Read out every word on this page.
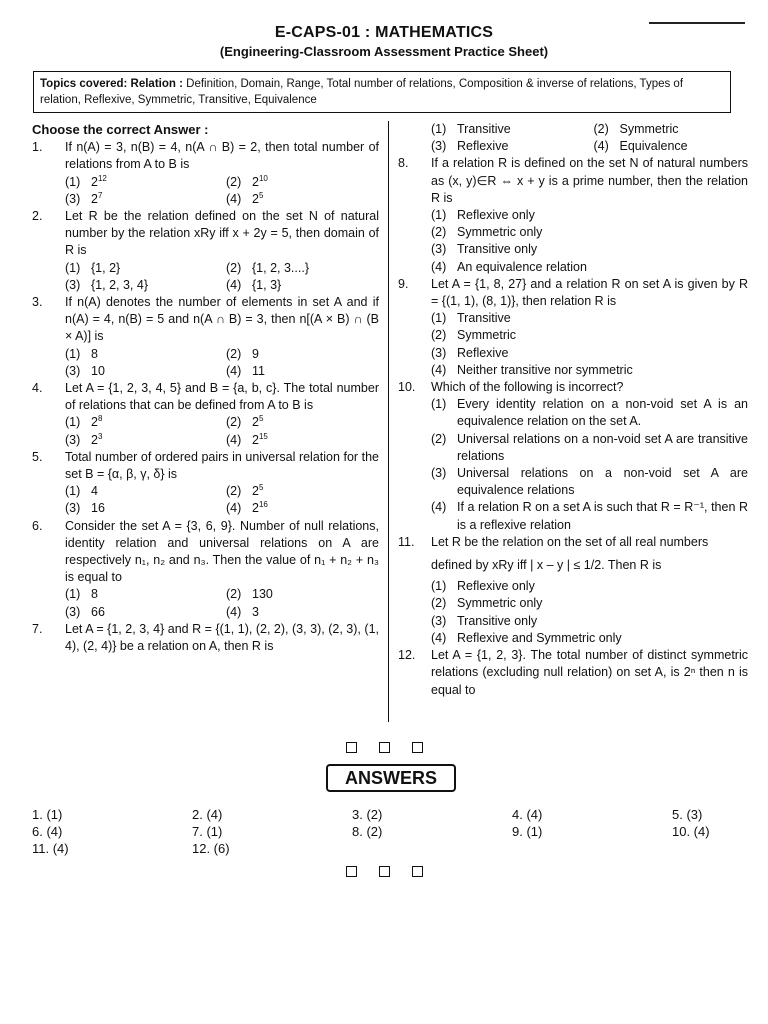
E-CAPS-01 : MATHEMATICS
(Engineering-Classroom Assessment Practice Sheet)
Topics covered: Relation : Definition, Domain, Range, Total number of relations, Composition & inverse of relations, Types of relation, Reflexive, Symmetric, Transitive, Equivalence
Choose the correct Answer :
1.	If n(A) = 3, n(B) = 4, n(A ∩ B) = 2, then total number of relations from A to B is
(1) $2^{12}$	(2) $2^{10}$
(3) $2^7$	(4) $2^5$
2.	Let R be the relation defined on the set N of natural number by the relation xRy iff x + 2y = 5, then domain of R is
(1) {1, 2}	(2) {1, 2, 3....}
(3) {1, 2, 3, 4}	(4) {1, 3}
3.	If n(A) denotes the number of elements in set A and if n(A) = 4, n(B) = 5 and n(A ∩ B) = 3, then n[(A × B) ∩ (B × A)] is
(1) 8	(2) 9
(3) 10	(4) 11
4.	Let A = {1, 2, 3, 4, 5} and B = {a, b, c}. The total number of relations that can be defined from A to B is
(1) $2^8$	(2) $2^5$
(3) $2^3$	(4) $2^{15}$
5.	Total number of ordered pairs in universal relation for the set B = {α, β, γ, δ} is
(1) 4	(2) $2^5$
(3) 16	(4) $2^{16}$
6.	Consider the set A = {3, 6, 9}. Number of null relations, identity relation and universal relations on A are respectively n₁, n₂ and n₃. Then the value of n₁ + n₂ + n₃ is equal to
(1) 8	(2) 130
(3) 66	(4) 3
7.	Let A = {1, 2, 3, 4} and R = {(1, 1), (2, 2), (3, 3), (2, 3), (1, 4), (2, 4)} be a relation on A, then R is
(1) Transitive	(2) Symmetric
(3) Reflexive	(4) Equivalence
8.	If a relation R is defined on the set N of natural numbers as (x, y)∈R ⇔ x + y is a prime number, then the relation R is
(1) Reflexive only
(2) Symmetric only
(3) Transitive only
(4) An equivalence relation
9.	Let A = {1, 8, 27} and a relation R on set A is given by R = {(1, 1), (8, 1)}, then relation R is
(1) Transitive
(2) Symmetric
(3) Reflexive
(4) Neither transitive nor symmetric
10.	Which of the following is incorrect?
(1) Every identity relation on a non-void set A is an equivalence relation on the set A.
(2) Universal relations on a non-void set A are transitive relations
(3) Universal relations on a non-void set A are equivalence relations
(4) If a relation R on a set A is such that R = R⁻¹, then R is a reflexive relation
11.	Let R be the relation on the set of all real numbers
defined by xRy iff | x – y | ≤ 1/2. Then R is
(1) Reflexive only
(2) Symmetric only
(3) Transitive only
(4) Reflexive and Symmetric only
12.	Let A = {1, 2, 3}. The total number of distinct symmetric relations (excluding null relation) on set A, is 2ⁿ then n is equal to
ANSWERS
1. (1)	2. (4)	3. (2)	4. (4)	5. (3)
6. (4)	7. (1)	8. (2)	9. (1)	10. (4)
11. (4)	12. (6)
